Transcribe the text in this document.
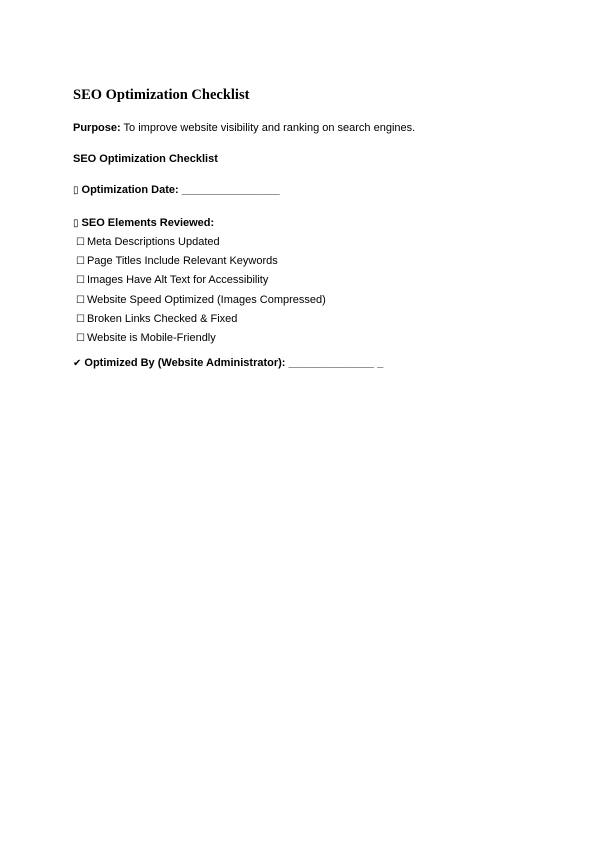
SEO Optimization Checklist
Purpose: To improve website visibility and ranking on search engines.
SEO Optimization Checklist
▯ Optimization Date: ________________
▯ SEO Elements Reviewed:
☐ Meta Descriptions Updated
☐ Page Titles Include Relevant Keywords
☐ Images Have Alt Text for Accessibility
☐ Website Speed Optimized (Images Compressed)
☐ Broken Links Checked & Fixed
☐ Website is Mobile-Friendly
✔ Optimized By (Website Administrator): ______________ _
